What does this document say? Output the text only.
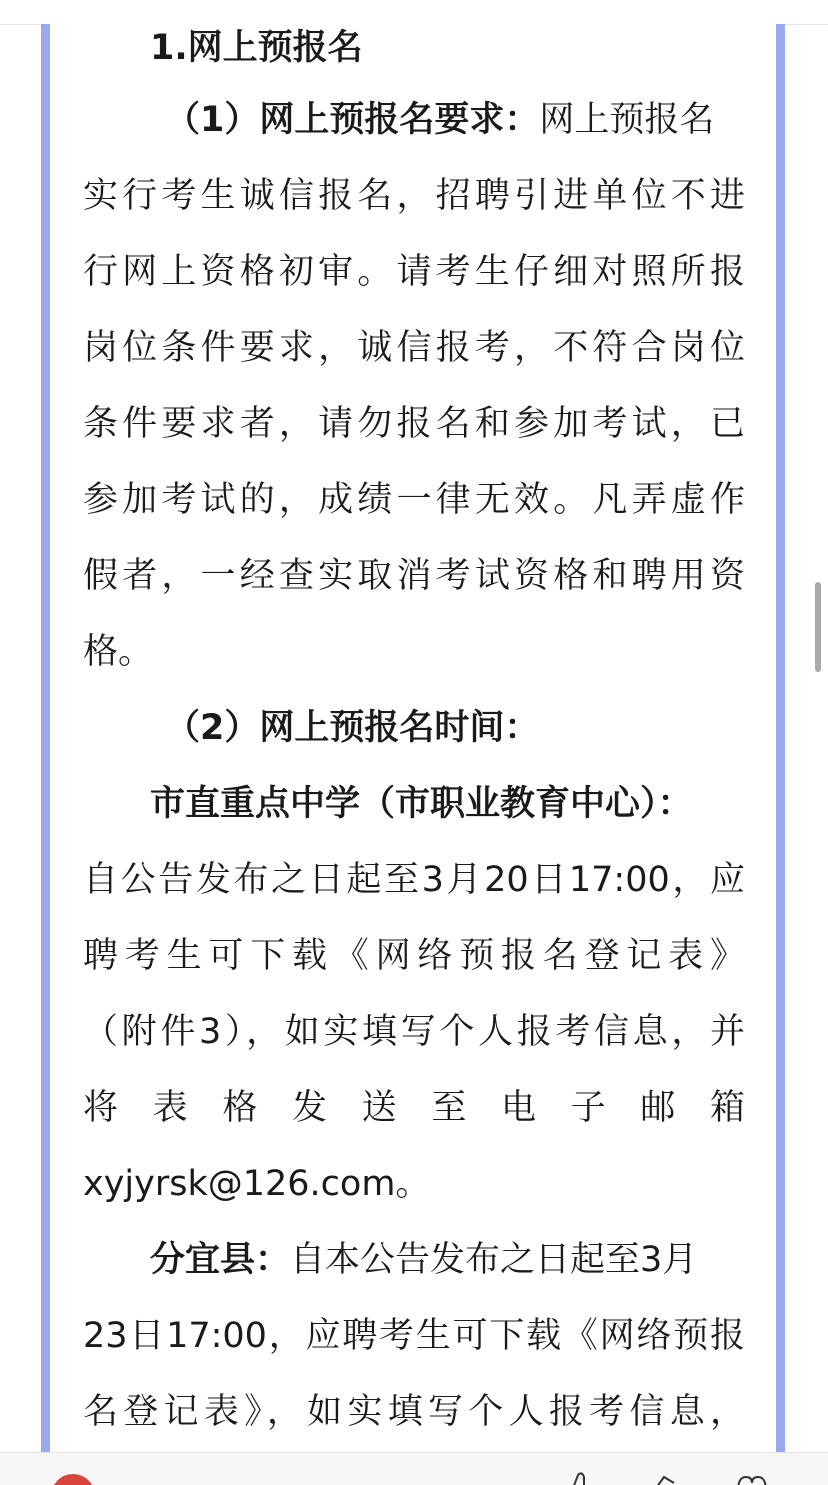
1.网上预报名
（1）网上预报名要求：网上预报名
实行考生诚信报名，招聘引进单位不进
行网上资格初审。请考生仔细对照所报
岗位条件要求，诚信报考，不符合岗位
条件要求者，请勿报名和参加考试，已
参加考试的，成绩一律无效。凡弄虚作
假者，一经查实取消考试资格和聘用资
格。
（2）网上预报名时间：
市直重点中学（市职业教育中心）：
自公告发布之日起至3月20日17:00，应
聘考生可下载《网络预报名登记表》
（附件3），如实填写个人报考信息，并
将表格发送至电子邮箱
xyjyrsk@126.com。
分宜县：自本公告发布之日起至3月
23日17:00，应聘考生可下载《网络预报
名登记表》，如实填写个人报考信息，
